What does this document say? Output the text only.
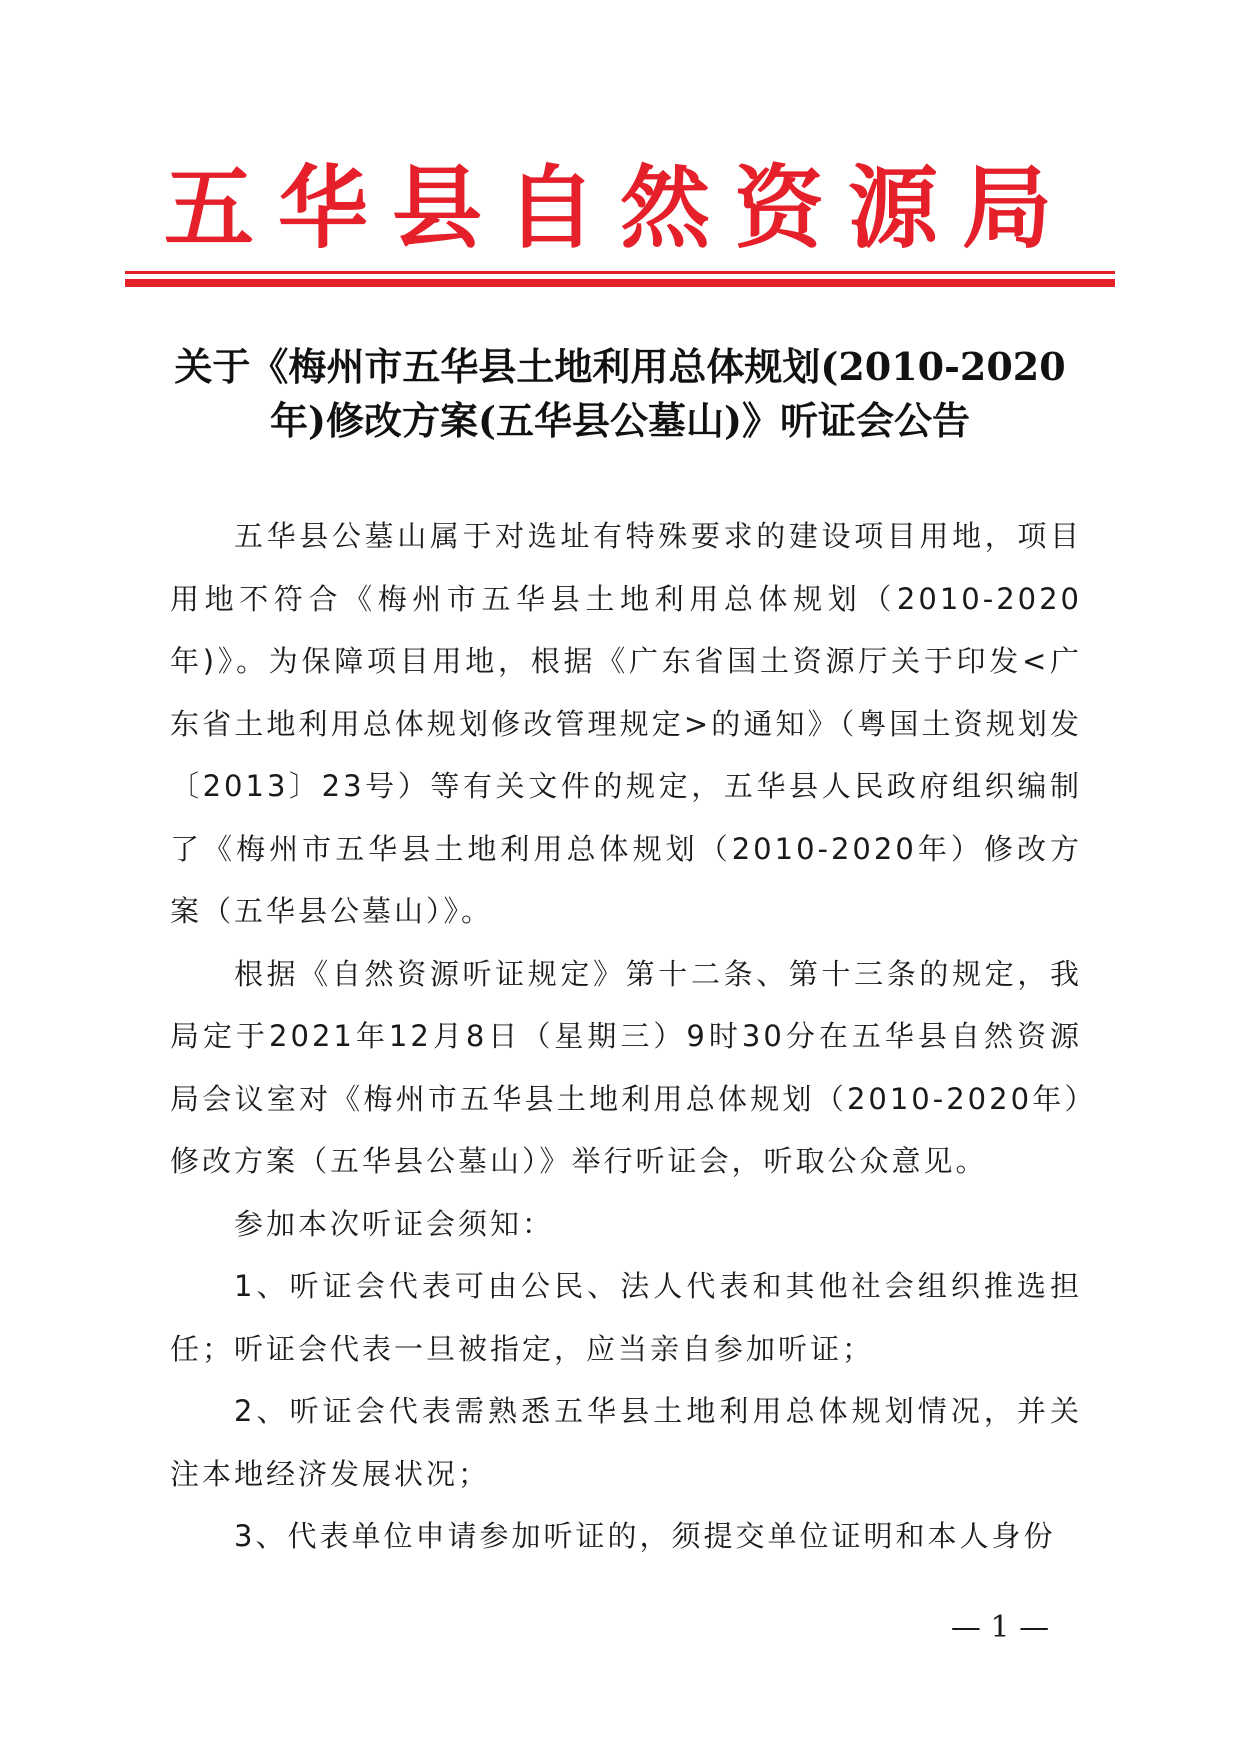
五华县自然资源局
关于《梅州市五华县土地利用总体规划(2010-2020
年)修改方案(五华县公墓山)》听证会公告

五华县公墓山属于对选址有特殊要求的建设项目用地，项目用地不符合《梅州市五华县土地利用总体规划（2010-2020年)》。为保障项目用地，根据《广东省国土资源厅关于印发<广东省土地利用总体规划修改管理规定>的通知》（粤国土资规划发〔2013〕23号）等有关文件的规定，五华县人民政府组织编制了《梅州市五华县土地利用总体规划（2010-2020年）修改方案（五华县公墓山）》。

根据《自然资源听证规定》第十二条、第十三条的规定，我局定于2021年12月8日（星期三）9时30分在五华县自然资源局会议室对《梅州市五华县土地利用总体规划（2010-2020年）修改方案（五华县公墓山）》举行听证会，听取公众意见。

参加本次听证会须知：

1、听证会代表可由公民、法人代表和其他社会组织推选担任；听证会代表一旦被指定，应当亲自参加听证；

2、听证会代表需熟悉五华县土地利用总体规划情况，并关注本地经济发展状况；

3、代表单位申请参加听证的，须提交单位证明和本人身份

— 1 —
